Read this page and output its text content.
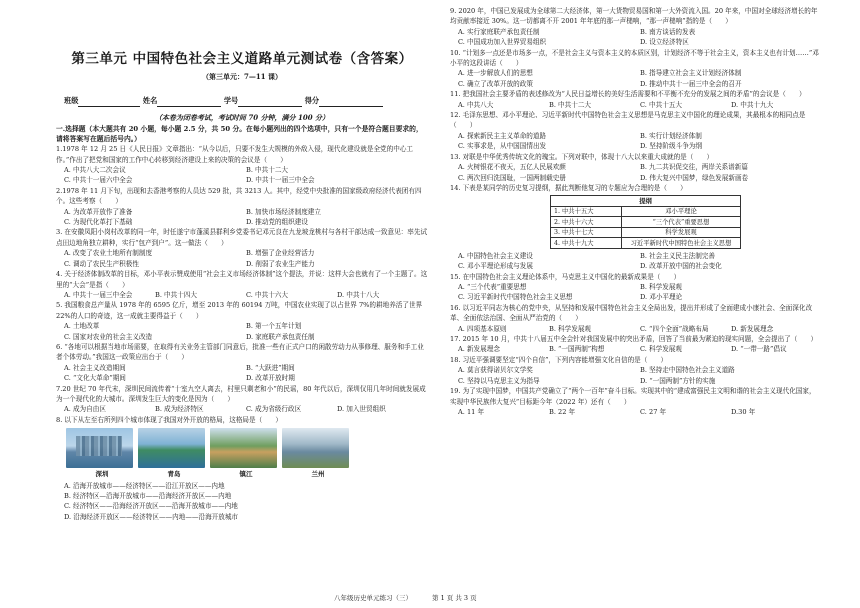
第三单元 中国特色社会主义道路单元测试卷（含答案）
（第三单元：7—11 课）
班级	姓名	学号	得分
（本卷为闭卷考试，考试时间 70 分钟，满分 100 分）
一.选择题（本大题共有 20 小题，每小题 2.5 分，共 50 分。在每小题列出的四个选项中，只有一个是符合题目要求的，请将答案写在题后括号内。）

1.1978 年 12 月 25 日《人民日报》文章指出：“从今以后，只要不发生大规模的外敌入侵，现代化建设就是全党的中心工作。”作出了把党和国家的工作中心转移到经济建设上来的决策的会议是（　　）

A. 中共八大二次会议	B. 中共十二大
C. 中共十一届六中全会	D. 中共十一届三中全会

2.1978 年 11 月下旬，出现和去香港考察的人员达 529 批，共 3213 人。其中，经党中央批准的国家级政府经济代表团有四个。这些考察（　　）

A. 为改革开放作了准备	B. 加快市场经济制度建立
C. 为现代化革打下基础	D. 推动党的组织建设

3. 在安徽凤阳小岗村改革的同一年，时任遂宁市蓬溪县群利乡党委书记邓元良在九龙坡龙桃村与各村干部达成一致意见：率先试点田边地角独立耕种，实行“包产到户”。这一做法（　　）

A. 改变了农业土地所有制制度	B. 增强了企业经营活力
C. 调动了农民生产积极性	D. 削弱了农业生产能力

4. 关于经济体制改革的目标，邓小平表示赞成使用“社会主义市场经济体制”这个提法，并说：这样大会也就有了一个主题了。这里的“大会”是指（　　）

A. 中共十一届三中全会	B. 中共十四大	C. 中共十六大	D. 中共十八大

5. 我国粮食总产量从 1978 年的 6595 亿斤，增至 2013 年的 60194 万吨，中国农业实现了以占世界 7%的耕地养活了世界 22%的人口的奇迹，这一成就主要得益于（　　）

A. 土地改革	B. 第一个五年计划
C. 国家对农业的社会主义改造	D. 家庭联产承包责任制

6. “各地可以根据当地市场需要，在取得有关业务主管部门同意后，批准一些有正式户口的闲散劳动力从事修理、服务和手工业者个体劳动。”我国这一政策应出台于（　　）

A. 社会主义改造期间	B. “大跃进”期间
C. “文化大革命”期间	D. 改革开放时期

7.20 世纪 70 年代末，深圳民间流传着“十室九空人离去，村里只剩老和小”的民谣，80 年代以后，深圳仅用几年时间就发展成为一个现代化的大城市。深圳发生巨大的变化是因为（　　）

A. 成为自由区	B. 成为经济特区	C. 成为省级行政区	D. 加入世贸组织

8. 以下从左至右所列四个城市体现了我国对外开放的格局，这格局是（　　）

深圳	青岛	镇江	兰州
A. 沿海开放城市——经济特区——沿江开放区——内地
B. 经济特区—沿海开放城市——沿海经济开放区——内地
C. 经济特区——沿海经济开放区——沿海开放城市——内地
D. 沿海经济开放区——经济特区——内地——沿海开放城市

9. 2020 年，中国已发展成为全球第二大经济体，第一大货物贸易国和第一大外资流入国。20 年来，中国对全球经济增长的年均贡献率接近 30%。这一切都离不开 2001 年年底的那一声槌响，“那一声槌响”指的是（　　）

A. 实行家庭联产承包责任制	B. 南方谈话的发表
C. 中国成功加入世界贸易组织	D. 设立经济特区

10. “计划多一点还是市场多一点，不是社会主义与资本主义的本质区别，计划经济不等于社会主义，资本主义也有计划……”邓小平的这段讲话（　　）

A. 进一步解放人们的思想	B. 指导建立社会主义计划经济体制
C. 确立了改革开放的政策	D. 推动中共十一届三中全会的召开

11. 把我国社会主要矛盾的表述修改为“人民日益增长的美好生活需要和不平衡不充分的发展之间的矛盾”的会议是（　　）

A. 中共八大	B. 中共十二大	C. 中共十五大	D. 中共十九大

12. 毛泽东思想、邓小平理论、习近平新时代中国特色社会主义思想是马克思主义中国化的理论成果，其最根本的相同点是（　　）

A. 探索新民主主义革命的道路	B. 实行计划经济体制
C. 实事求是，从中国国情出发	D. 坚持阶级斗争为纲

13. 对联是中华优秀传统文化的瑰宝。下列对联中，体现十八大以来重大成就的是（　　）

A. 火树银花不夜天，五亿人民展欢颜	B. 九二共识促交往，两岸关系谱新篇
C. 两次回归洗国耻，一国两制载史册	D. 伟大复兴中国梦，绿色发展新画卷

14. 下表是某同学的历史复习提纲，据此判断他复习的专题应为合理的是（　　）

提纲	
1. 中共十五大	邓小平理论
2. 中共十六大	“三个代表”重要思想
3. 中共十七大	科学发展观
4. 中共十九大	习近平新时代中国特色社会主义思想
A. 中国特色社会主义建设	B. 社会主义民主法制完善
C. 邓小平理论形成与发展	D. 改革开放中国的社会变化

15. 在中国特色社会主义理论体系中，马克思主义中国化的最新成果是（　　）

A. “三个代表”重要思想	B. 科学发展观
C. 习近平新时代中国特色社会主义思想	D. 邓小平理论

16. 以习近平同志为核心的党中央，从坚持和发展中国特色社会主义全局出发，提出并形成了全面建成小康社会、全面深化改革、全面依法治国、全面从严治党的（　　）

A. 四项基本原则	B. 科学发展观	C. “四个全面”战略布局	D. 新发展理念

17. 2015 年 10 月，中共十八届五中全会针对我国发展中的突出矛盾，回答了当前最为紧迫的现实问题，全会提出了（　　）

A. 新发展理念	B. “一国两制”构想	C. 科学发展观	D. “一带一路”倡议

18. 习近平强调要坚定“四个自信”，下列内容能增强文化自信的是（　　）

A. 莫言获得诺贝尔文学奖	B. 坚持走中国特色社会主义道路
C. 坚持以马克思主义为指导	D. “一国两制”方针的实施

19. 为了实现中国梦，中国共产党确立了“两个一百年”奋斗目标。实现其中的“建成富强民主文明和谐的社会主义现代化国家，实现中华民族伟大复兴”目标距今年（2022 年）还有（　　）

A. 11 年	B. 22 年	C. 27 年	D.30 年
八年级历史单元练习（三）	第 1 页 共 3 页
